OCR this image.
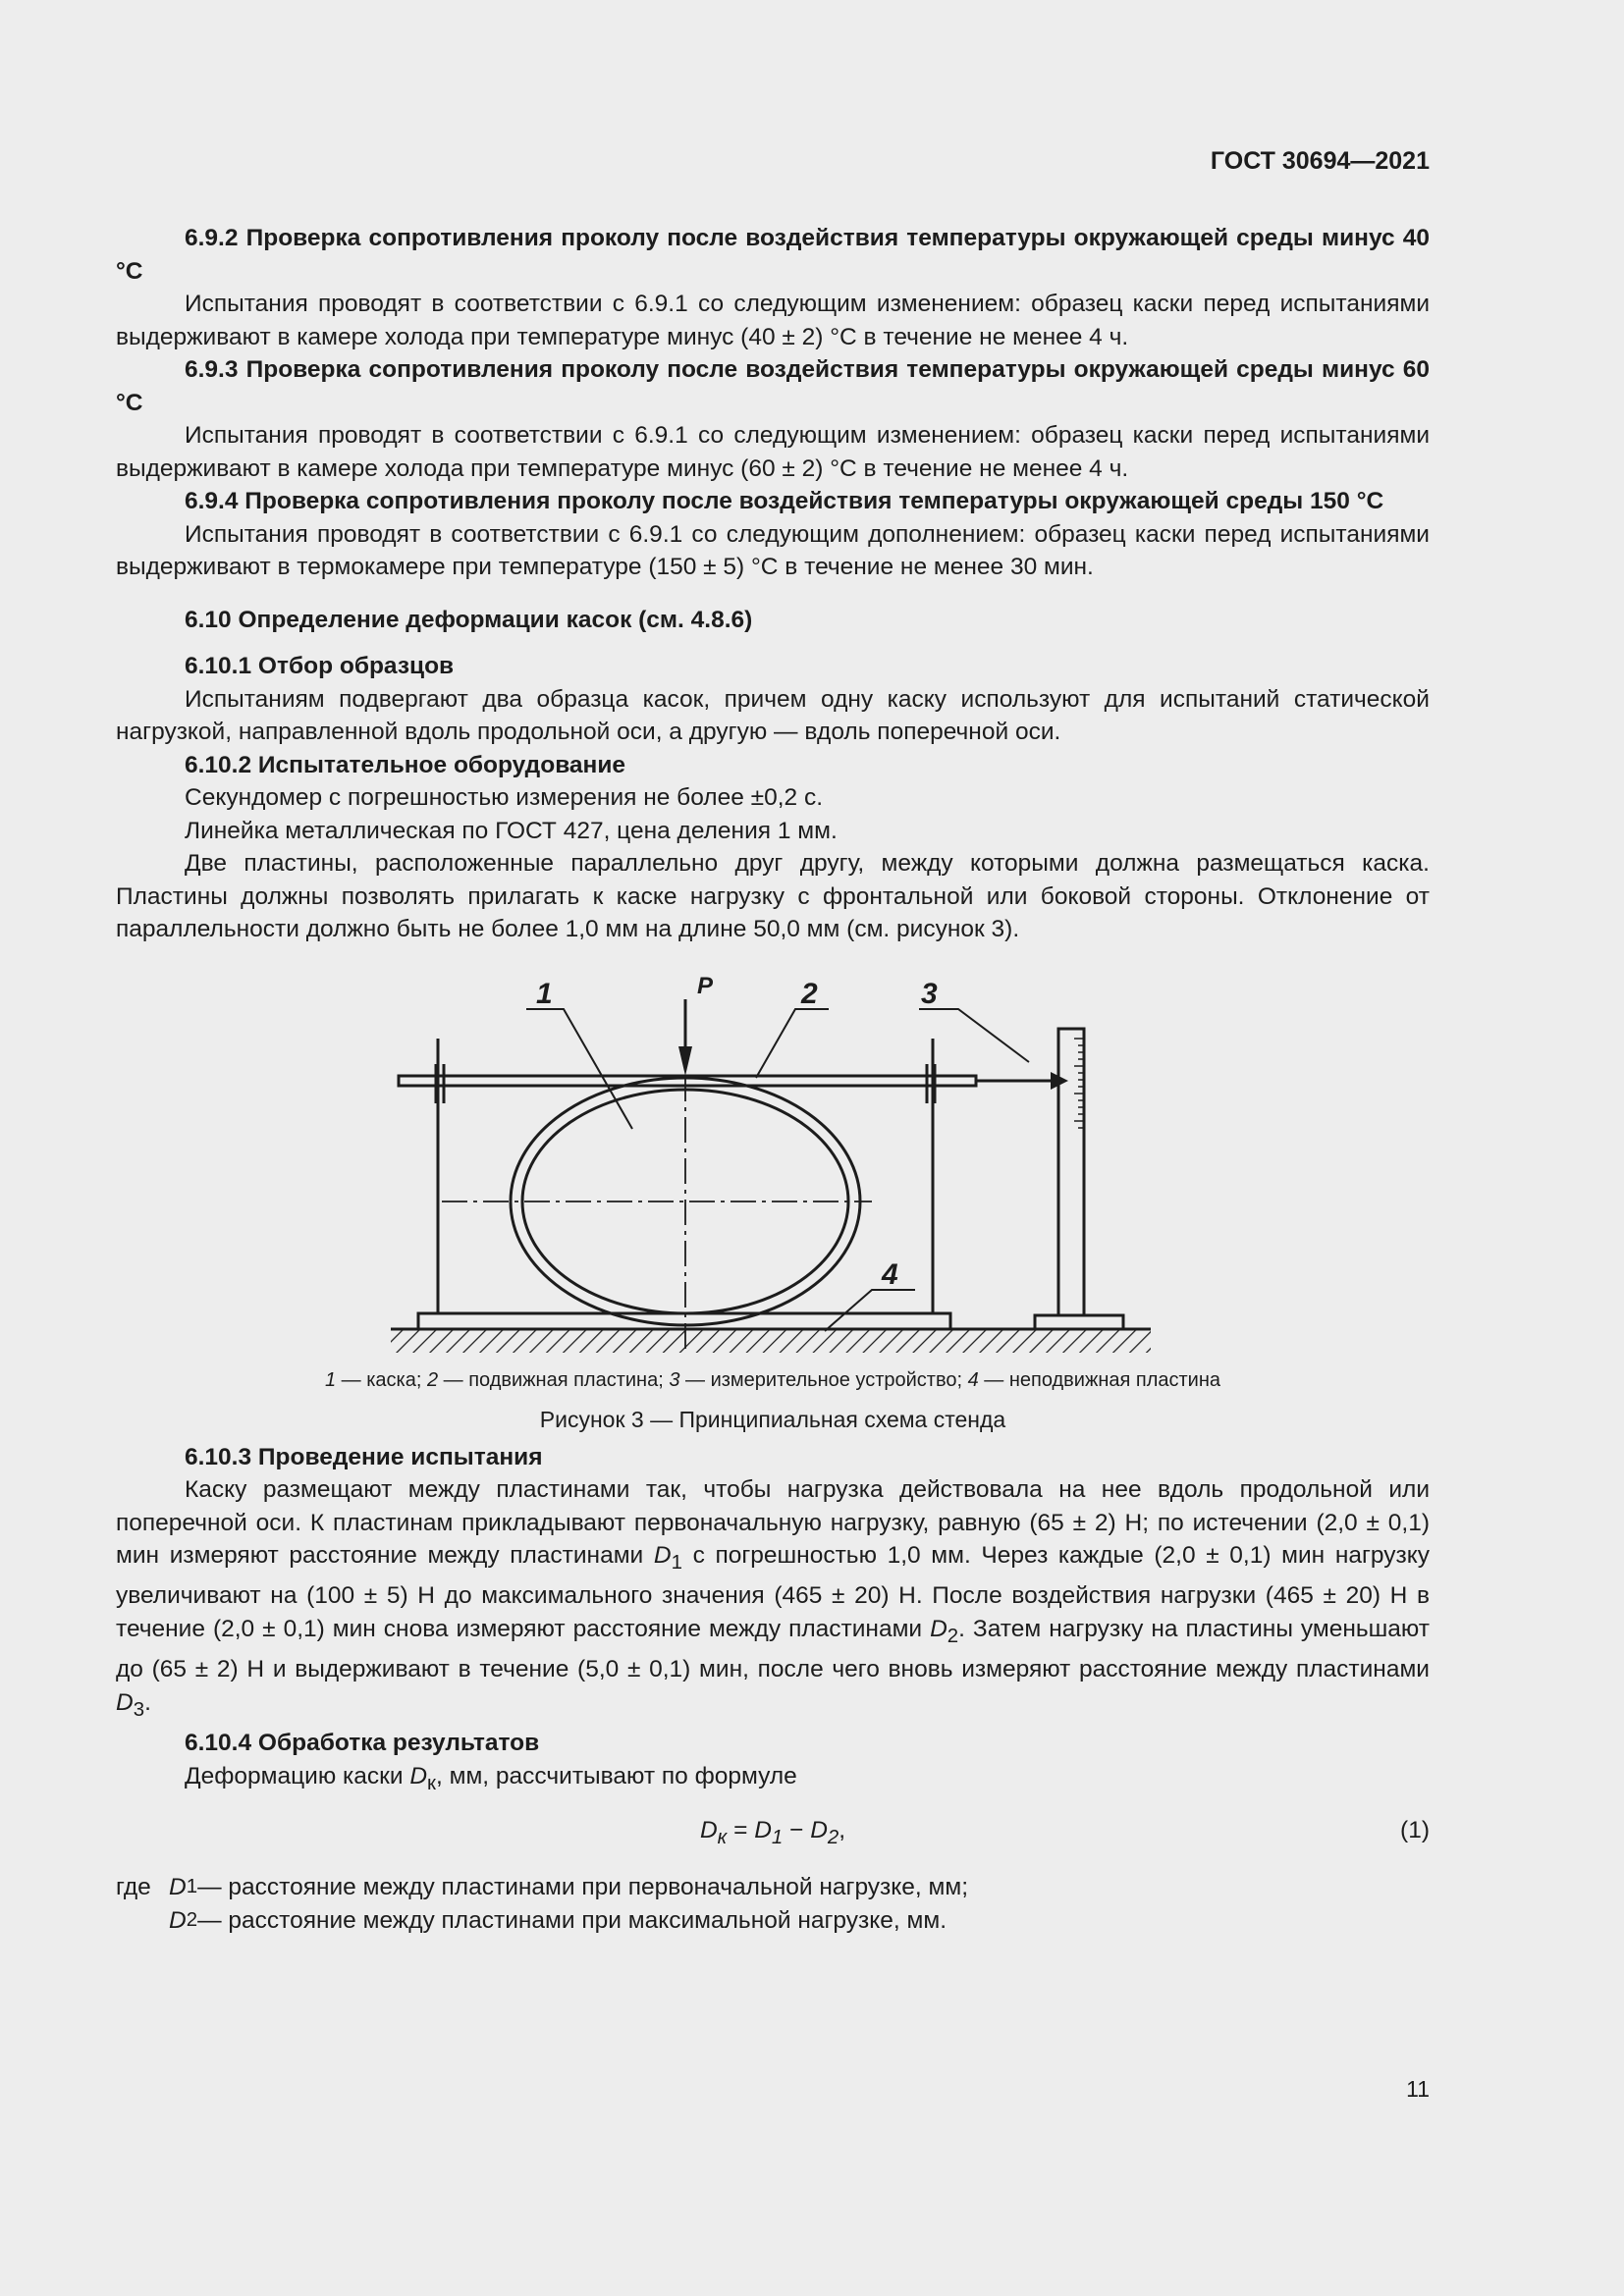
ГОСТ 30694—2021

6.9.2 Проверка сопротивления проколу после воздействия температуры окружающей среды минус 40 °С

Испытания проводят в соответствии с 6.9.1 со следующим изменением: образец каски перед испытаниями выдерживают в камере холода при температуре минус (40 ± 2) °С в течение не менее 4 ч.

6.9.3 Проверка сопротивления проколу после воздействия температуры окружающей среды минус 60 °С

Испытания проводят в соответствии с 6.9.1 со следующим изменением: образец каски перед испытаниями выдерживают в камере холода при температуре минус (60 ± 2) °С в течение не менее 4 ч.

6.9.4 Проверка сопротивления проколу после воздействия температуры окружающей среды 150 °С

Испытания проводят в соответствии с 6.9.1 со следующим дополнением: образец каски перед испытаниями выдерживают в термокамере при температуре (150 ± 5) °С в течение не менее 30 мин.

6.10 Определение деформации касок (см. 4.8.6)

6.10.1 Отбор образцов

Испытаниям подвергают два образца касок, причем одну каску используют для испытаний статической нагрузкой, направленной вдоль продольной оси, а другую — вдоль поперечной оси.

6.10.2 Испытательное оборудование

Секундомер с погрешностью измерения не более ±0,2 с.

Линейка металлическая по ГОСТ 427, цена деления 1 мм.

Две пластины, расположенные параллельно друг другу, между которыми должна размещаться каска. Пластины должны позволять прилагать к каске нагрузку с фронтальной или боковой стороны. Отклонение от параллельности должно быть не более 1,0 мм на длине 50,0 мм (см. рисунок 3).

P
1	2	3
4
1 — каска; 2 — подвижная пластина; 3 — измерительное устройство; 4 — неподвижная пластина
Рисунок 3 — Принципиальная схема стенда

6.10.3 Проведение испытания

Каску размещают между пластинами так, чтобы нагрузка действовала на нее вдоль продольной или поперечной оси. К пластинам прикладывают первоначальную нагрузку, равную (65 ± 2) Н; по истечении (2,0 ± 0,1) мин измеряют расстояние между пластинами $D_1$ с погрешностью 1,0 мм. Через каждые (2,0 ± 0,1) мин нагрузку увеличивают на (100 ± 5) Н до максимального значения (465 ± 20) Н. После воздействия нагрузки (465 ± 20) Н в течение (2,0 ± 0,1) мин снова измеряют расстояние между пластинами $D_2$. Затем нагрузку на пластины уменьшают до (65 ± 2) Н и выдерживают в течение (5,0 ± 0,1) мин, после чего вновь измеряют расстояние между пластинами $D_3$.

6.10.4 Обработка результатов

Деформацию каски $D_к$, мм, рассчитывают по формуле

$D_к = D_1 - D_2$,	(1)
где D 1 — расстояние между пластинами при первоначальной нагрузке, мм;
D 2 — расстояние между пластинами при максимальной нагрузке, мм.
11
